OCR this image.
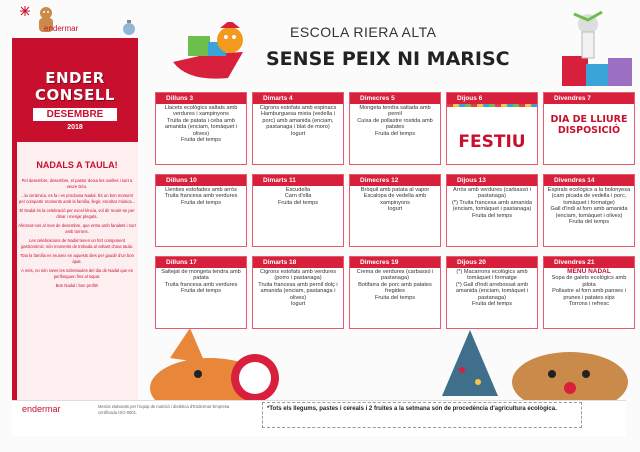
endermar
ENDER
CONSELL
DESEMBRE
2018
NADALS A TAULA!

Pel desembre, desembre, el pastor deixa les ovelles i surt a veure Déu.

...la ceràmica, es fa i es proclama Nadal. És un bon moment per compartir moments amb la família, llegir, escoltar música...

El Nadal és la celebració per excel·lència, vol dir reunir-se per dinar i menjar plegats.

Aferrant-nos al mes de desembre, que entra amb fanalets i surt amb torrons.

Les celebracions de Nadal tenen un fort component gastronòmic: són moments de trobada al voltant d'una taula.

Tota la família es reuneix en aquests dies per gaudir d'un bon àpat.

A més, no són rares les sobretaules del dia de Nadal que es perllonguen fins al sopar.

Bon Nadal i bon profit!!

ESCOLA RIERA ALTA
SENSE PEIX NI MARISC
Dilluns 3
Llacets ecològics saltats amb verdures i xampinyons
Truita de patata i ceba amb amanida (enciam, tomàquet i olives)
Fruita del temps
Dimarts 4
Cigrons estofats amb espinacs
Hamburguesa mixta (vedella i porc) amb amanida (enciam, pastanaga i blat de moro)
Iogurt
Dimecres 5
Mongeta tendra saltada amb pernil
Cuixa de pollastre rostida amb patates
Fruita del temps
Dijous 6
FESTIU
Divendres 7
DIA DE LLIURE DISPOSICIÓ
Dilluns 10
Llenties estofades amb arròs
Truita francesa amb verdures
Fruita del temps
Dimarts 11
Escudella
Carn d'olla
Fruita del temps
Dimecres 12
Bròquil amb patata al vapor
Escalopa de vedella amb xampinyons
Iogurt
Dijous 13
Arròs amb verdures (carbassó i pastanaga)
(*) Truita francesa amb amanida (enciam, tomàquet i pastanaga)
Fruita del temps
Divendres 14
Espirals ecològics a la bolonyesa (carn picada de vedella i porc, tomàquet i formatge)
Gall d'indi al forn amb amanida (enciam, tomàquet i olives)
Fruita del temps
Dilluns 17
Saltejat de mongeta tendra amb patata
Truita francesa amb verdures
Fruita del temps
Dimarts 18
Cigrons estofats amb verdures (porro i pastanaga)
Truita francesa amb pernil dolç i amanida (enciam, pastanaga i olives)
Iogurt
Dimecres 19
Crema de verdures (carbassó i pastanaga)
Botifarra de porc amb patates fregides
Fruita del temps
Dijous 20
(*) Macarrons ecològics amb tomàquet i formatge
(*) Gall d'indi arrebossat amb amanida (enciam, tomàquet i pastanaga)
Fruita del temps
Divendres 21
MENU NADAL
Sopa de galets ecològics amb pilota
Pollastre al forn amb panses i prunes i patates xips
Torrons i refresc
endermar	Menús elaborats per l'equip de nutrició i dietètica d'Endermar Empresa certificada ISO 9001.
*Tots els llegums, pastes i cereals i 2 fruites a la setmana són de procedència d'agricultura ecològica.
